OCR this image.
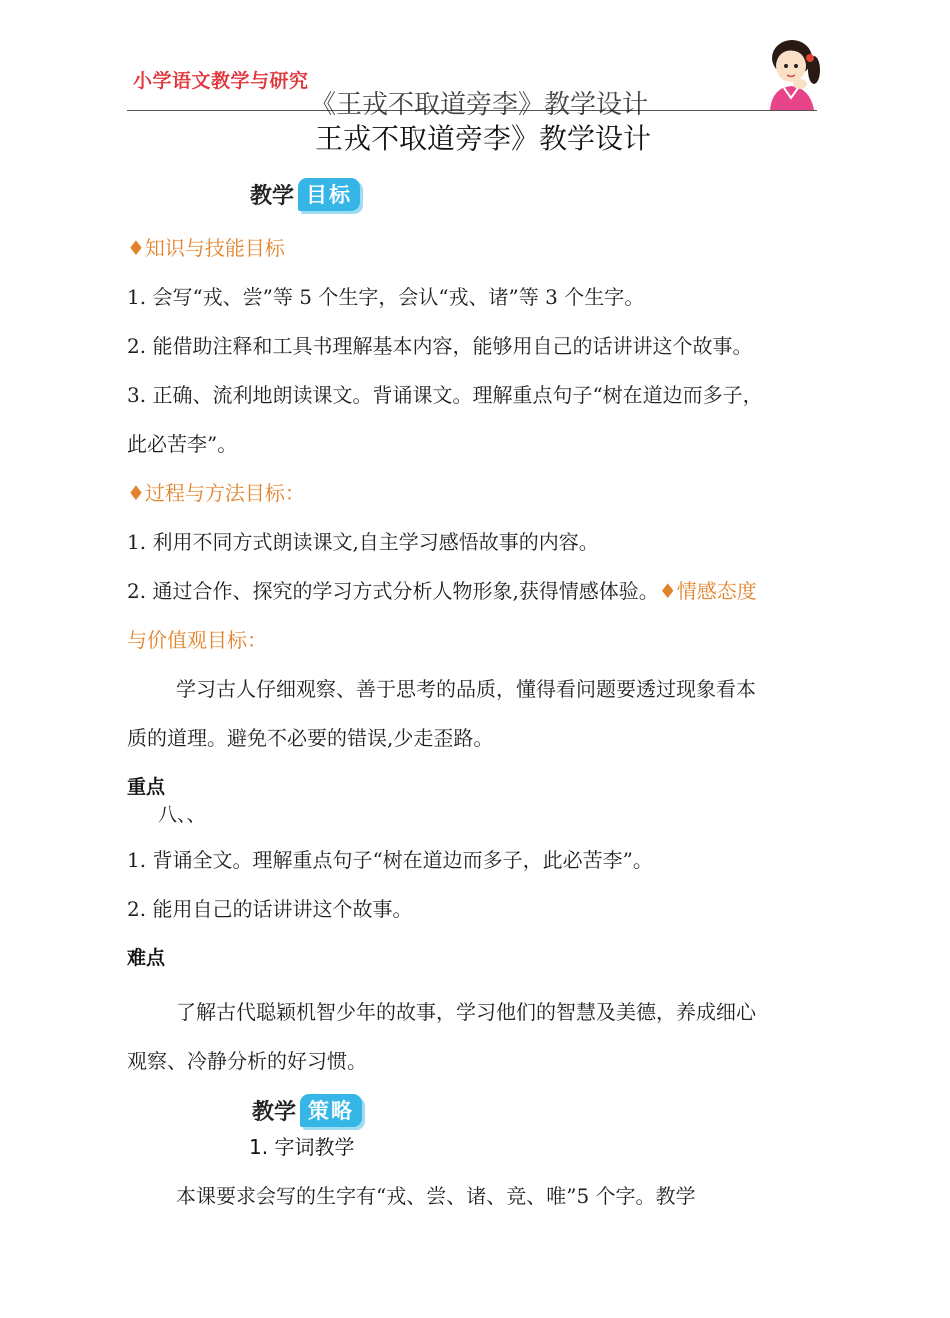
小学语文教学与研究
《王戎不取道旁李》教学设计
王戎不取道旁李》教学设计
教学 目标
♦知识与技能目标
1. 会写“戎、尝”等 5 个生字，会认“戎、诸”等 3 个生字。
2. 能借助注释和工具书理解基本内容，能够用自己的话讲讲这个故事。
3. 正确、流利地朗读课文。背诵课文。理解重点句子“树在道边而多子，
此必苦李”。
♦过程与方法目标：
1. 利用不同方式朗读课文,自主学习感悟故事的内容。
2. 通过合作、探究的学习方式分析人物形象,获得情感体验。♦情感态度
与价值观目标：
学习古人仔细观察、善于思考的品质，懂得看问题要透过现象看本
质的道理。避免不必要的错误,少走歪路。
重点
八、、
1. 背诵全文。理解重点句子“树在道边而多子，此必苦李”。
2. 能用自己的话讲讲这个故事。
难点
了解古代聪颖机智少年的故事，学习他们的智慧及美德，养成细心
观察、冷静分析的好习惯。
教学 策略
1. 字词教学
本课要求会写的生字有“戎、尝、诸、竞、唯”5 个字。教学
